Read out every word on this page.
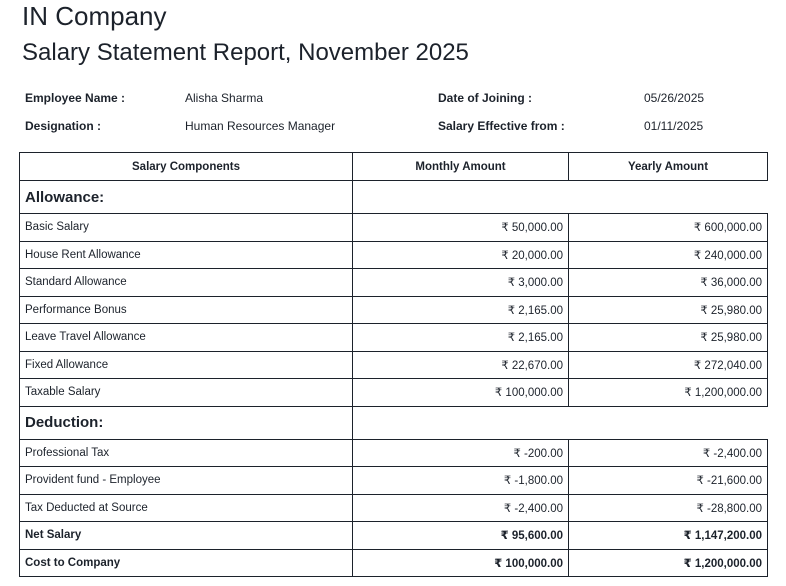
IN Company
Salary Statement Report, November 2025
Employee Name :	Alisha Sharma	Date of Joining :	05/26/2025
Designation :	Human Resources Manager	Salary Effective from :	01/11/2025
Salary Components	Monthly Amount	Yearly Amount
Allowance:		
Basic Salary	₹ 50,000.00	₹ 600,000.00
House Rent Allowance	₹ 20,000.00	₹ 240,000.00
Standard Allowance	₹ 3,000.00	₹ 36,000.00
Performance Bonus	₹ 2,165.00	₹ 25,980.00
Leave Travel Allowance	₹ 2,165.00	₹ 25,980.00
Fixed Allowance	₹ 22,670.00	₹ 272,040.00
Taxable Salary	₹ 100,000.00	₹ 1,200,000.00
Deduction:		
Professional Tax	₹ -200.00	₹ -2,400.00
Provident fund - Employee	₹ -1,800.00	₹ -21,600.00
Tax Deducted at Source	₹ -2,400.00	₹ -28,800.00
Net Salary	₹ 95,600.00	₹ 1,147,200.00
Cost to Company	₹ 100,000.00	₹ 1,200,000.00
